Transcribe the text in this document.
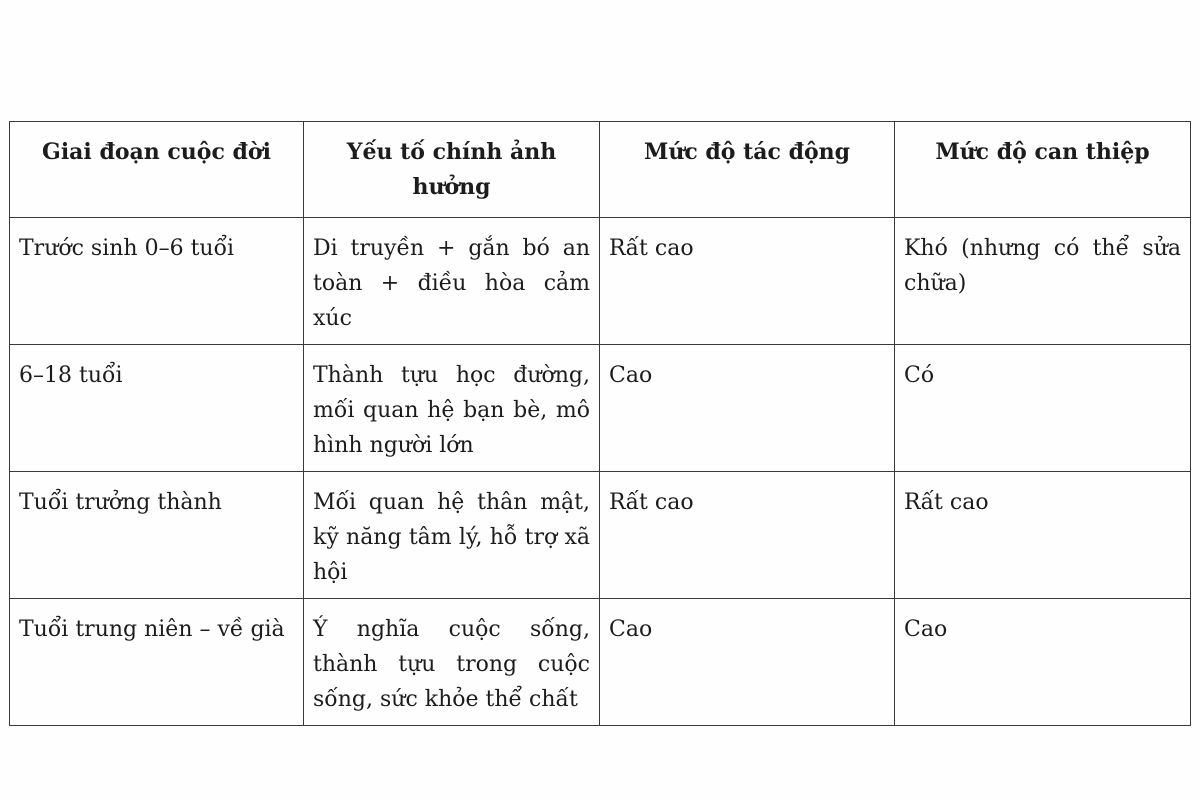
Giai đoạn cuộc đời	Yếu tố chính ảnh hưởng	Mức độ tác động	Mức độ can thiệp
Trước sinh 0–6 tuổi	Di truyền + gắn bó an toàn + điều hòa cảm xúc	Rất cao	Khó (nhưng có thể sửa chữa)
6–18 tuổi	Thành tựu học đường, mối quan hệ bạn bè, mô hình người lớn	Cao	Có
Tuổi trưởng thành	Mối quan hệ thân mật, kỹ năng tâm lý, hỗ trợ xã hội	Rất cao	Rất cao
Tuổi trung niên – về già	Ý nghĩa cuộc sống, thành tựu trong cuộc sống, sức khỏe thể chất	Cao	Cao
